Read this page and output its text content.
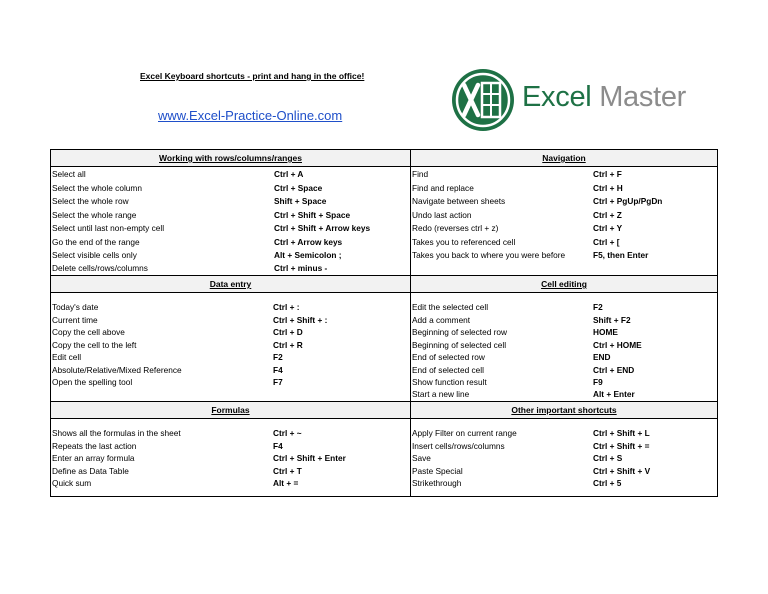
Excel Keyboard shortcuts - print and hang in the office!
www.Excel-Practice-Online.com
Excel Master
Working with rows/columns/ranges
Select all	Ctrl + A
Select the whole column	Ctrl + Space
Select the whole row	Shift + Space
Select the whole range	Ctrl + Shift + Space
Select until last non-empty cell	Ctrl + Shift + Arrow keys
Go the end of the range	Ctrl + Arrow keys
Select visible cells only	Alt + Semicolon ;
Delete cells/rows/columns	Ctrl + minus -
Navigation
Find	Ctrl + F
Find and replace	Ctrl + H
Navigate between sheets	Ctrl + PgUp/PgDn
Undo last action	Ctrl + Z
Redo (reverses ctrl + z)	Ctrl + Y
Takes you to referenced cell	Ctrl + [
Takes you back to where you were before	F5, then Enter
Data entry
Today's date	Ctrl + :
Current time	Ctrl + Shift + :
Copy the cell above	Ctrl + D
Copy the cell to the left	Ctrl + R
Edit cell	F2
Absolute/Relative/Mixed Reference	F4
Open the spelling tool	F7
Cell editing
Edit the selected cell	F2
Add a comment	Shift + F2
Beginning of selected row	HOME
Beginning of selected cell	Ctrl + HOME
End of selected row	END
End of selected cell	Ctrl + END
Show function result	F9
Start a new line	Alt + Enter
Formulas
Shows all the formulas in the sheet	Ctrl + ~
Repeats the last action	F4
Enter an array formula	Ctrl + Shift + Enter
Define as Data Table	Ctrl + T
Quick sum	Alt + =
Other important shortcuts
Apply Filter on current range	Ctrl + Shift + L
Insert cells/rows/columns	Ctrl + Shift + =
Save	Ctrl + S
Paste Special	Ctrl + Shift + V
Strikethrough	Ctrl + 5
